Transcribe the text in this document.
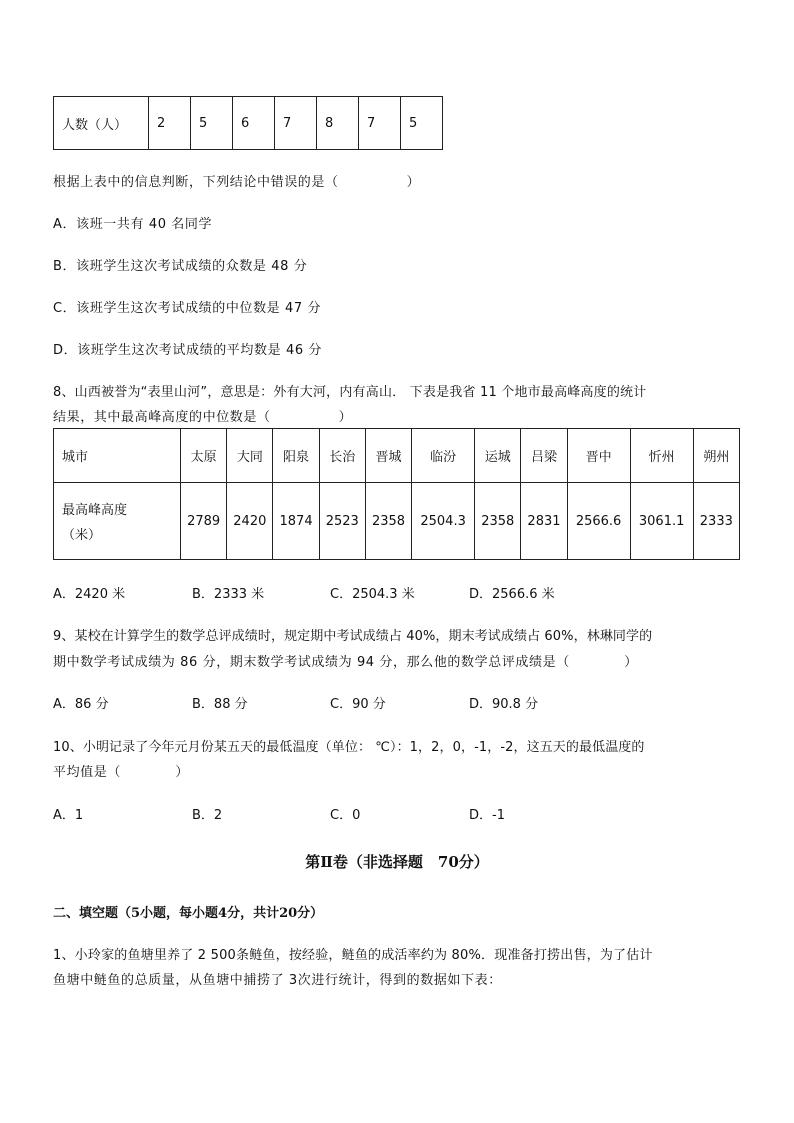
人数（人）	2	5	6	7	8	7	5
根据上表中的信息判断，下列结论中错误的是（　　　　　）
A．该班一共有 40 名同学
B．该班学生这次考试成绩的众数是 48 分
C．该班学生这次考试成绩的中位数是 47 分
D．该班学生这次考试成绩的平均数是 46 分
8、山西被誉为“表里山河”，意思是：外有大河，内有高山． 下表是我省 11 个地市最高峰高度的统计
结果，其中最高峰高度的中位数是（　　　　　）
城市	太原	大同	阳泉	长治	晋城	临汾	运城	吕梁	晋中	忻州	朔州

最高峰高度
（米）	2789	2420	1874	2523	2358	2504.3	2358	2831	2566.6	3061.1	2333
A．2420 米	B．2333 米	C．2504.3 米	D．2566.6 米
9、某校在计算学生的数学总评成绩时，规定期中考试成绩占 40%，期末考试成绩占 60%，林琳同学的
期中数学考试成绩为 86 分，期末数学考试成绩为 94 分，那么他的数学总评成绩是（　　　　）
A．86 分	B．88 分	C．90 分	D．90.8 分
10、小明记录了今年元月份某五天的最低温度（单位： ℃）：1，2，0，-1，-2，这五天的最低温度的
平均值是（　　　　）
A．1	B．2	C．0	D．-1
第Ⅱ卷（非选择题　70分）
二、填空题（5小题，每小题4分，共计20分）
1、小玲家的鱼塘里养了 2 500条鲢鱼，按经验，鲢鱼的成活率约为 80%．现准备打捞出售，为了估计
鱼塘中鲢鱼的总质量，从鱼塘中捕捞了 3次进行统计，得到的数据如下表：
